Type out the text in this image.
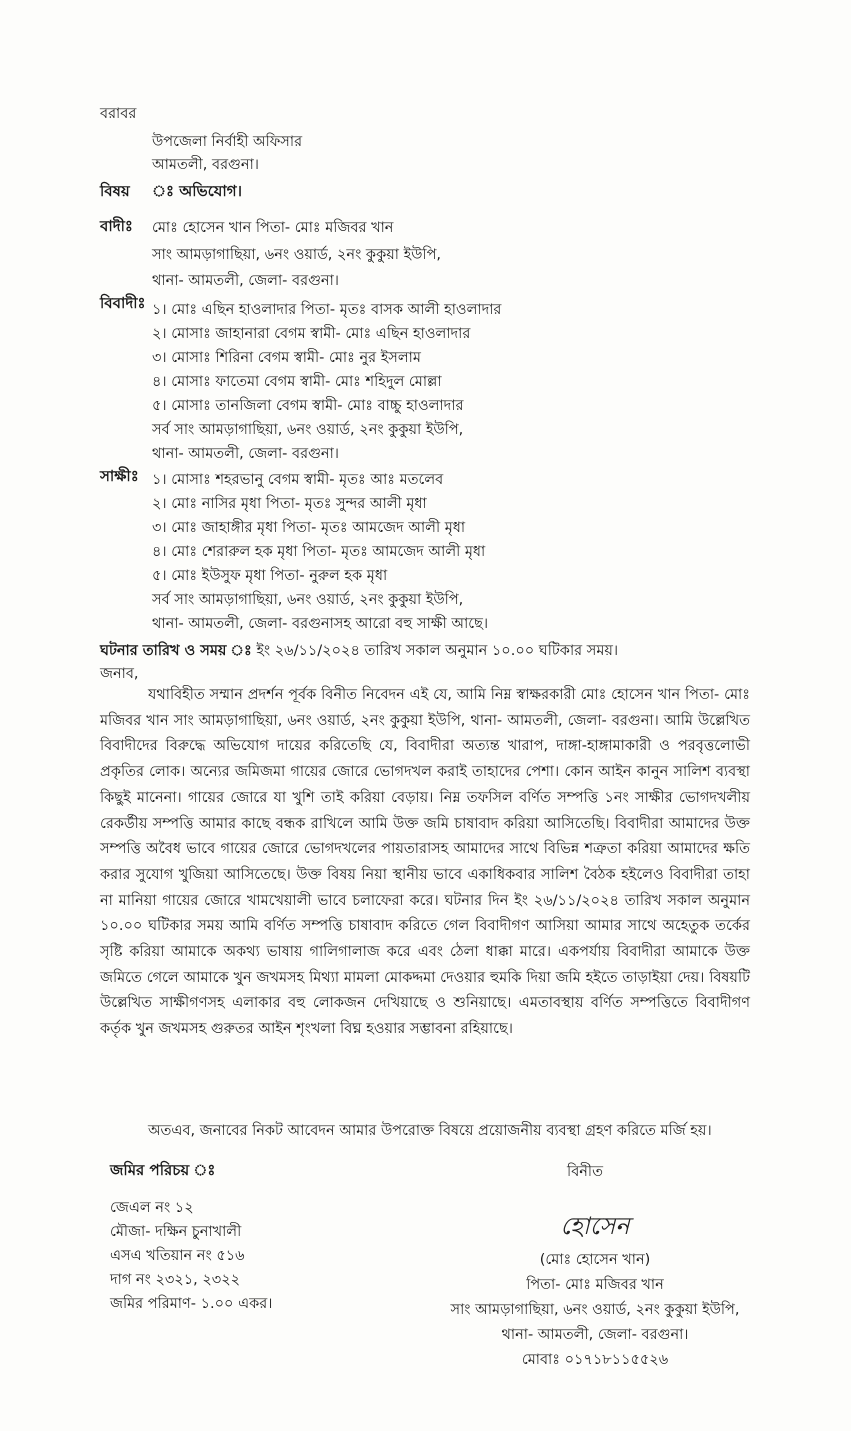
বরাবর
উপজেলা নির্বাহী অফিসার
আমতলী, বরগুনা।
বিষয় ঃ অভিযোগ।
বাদীঃ মোঃ হোসেন খান পিতা- মোঃ মজিবর খান
সাং আমড়াগাছিয়া, ৬নং ওয়ার্ড, ২নং কুকুয়া ইউপি,
থানা- আমতলী, জেলা- বরগুনা।
বিবাদীঃ ১। মোঃ এছিন হাওলাদার পিতা- মৃতঃ বাসক আলী হাওলাদার
২। মোসাঃ জাহানারা বেগম স্বামী- মোঃ এছিন হাওলাদার
৩। মোসাঃ শিরিনা বেগম স্বামী- মোঃ নুর ইসলাম
৪। মোসাঃ ফাতেমা বেগম স্বামী- মোঃ শহিদুল মোল্লা
৫। মোসাঃ তানজিলা বেগম স্বামী- মোঃ বাচ্চু হাওলাদার
সর্ব সাং আমড়াগাছিয়া, ৬নং ওয়ার্ড, ২নং কুকুয়া ইউপি,
থানা- আমতলী, জেলা- বরগুনা।
সাক্ষীঃ ১। মোসাঃ শহরভানু বেগম স্বামী- মৃতঃ আঃ মতলেব
২। মোঃ নাসির মৃধা পিতা- মৃতঃ সুন্দর আলী মৃধা
৩। মোঃ জাহাঙ্গীর মৃধা পিতা- মৃতঃ আমজেদ আলী মৃধা
৪। মোঃ শেরারুল হক মৃধা পিতা- মৃতঃ আমজেদ আলী মৃধা
৫। মোঃ ইউসুফ মৃধা পিতা- নুরুল হক মৃধা
সর্ব সাং আমড়াগাছিয়া, ৬নং ওয়ার্ড, ২নং কুকুয়া ইউপি,
থানা- আমতলী, জেলা- বরগুনাসহ আরো বহু সাক্ষী আছে।
ঘটনার তারিখ ও সময় ঃ ইং ২৬/১১/২০২৪ তারিখ সকাল অনুমান ১০.০০ ঘটিকার সময়।
জনাব,
যথাবিহীত সম্মান প্রদর্শন পূর্বক বিনীত নিবেদন এই যে, আমি নিম্ন স্বাক্ষরকারী মোঃ হোসেন খান পিতা- মোঃ মজিবর খান সাং আমড়াগাছিয়া, ৬নং ওয়ার্ড, ২নং কুকুয়া ইউপি, থানা- আমতলী, জেলা- বরগুনা। আমি উল্লেখিত বিবাদীদের বিরুদ্ধে অভিযোগ দায়ের করিতেছি যে, বিবাদীরা অত্যন্ত খারাপ, দাঙ্গা-হাঙ্গামাকারী ও পরবৃত্তলোভী প্রকৃতির লোক। অন্যের জমিজমা গায়ের জোরে ভোগদখল করাই তাহাদের পেশা। কোন আইন কানুন সালিশ ব্যবস্থা কিছুই মানেনা। গায়ের জোরে যা খুশি তাই করিয়া বেড়ায়। নিম্ন তফসিল বর্ণিত সম্পত্তি ১নং সাক্ষীর ভোগদখলীয় রেকর্ডীয় সম্পত্তি আমার কাছে বন্ধক রাখিলে আমি উক্ত জমি চাষাবাদ করিয়া আসিতেছি। বিবাদীরা আমাদের উক্ত সম্পত্তি অবৈধ ভাবে গায়ের জোরে ভোগদখলের পায়তারাসহ আমাদের সাথে বিভিন্ন শত্রুতা করিয়া আমাদের ক্ষতি করার সুযোগ খুজিয়া আসিতেছে। উক্ত বিষয় নিয়া স্থানীয় ভাবে একাধিকবার সালিশ বৈঠক হইলেও বিবাদীরা তাহা না মানিয়া গায়ের জোরে খামখেয়ালী ভাবে চলাফেরা করে। ঘটনার দিন ইং ২৬/১১/২০২৪ তারিখ সকাল অনুমান ১০.০০ ঘটিকার সময় আমি বর্ণিত সম্পত্তি চাষাবাদ করিতে গেল বিবাদীগণ আসিয়া আমার সাথে অহেতুক তর্কের সৃষ্টি করিয়া আমাকে অকথ্য ভাষায় গালিগালাজ করে এবং ঠেলা ধাক্কা মারে। একপর্যায় বিবাদীরা আমাকে উক্ত জমিতে গেলে আমাকে খুন জখমসহ মিথ্যা মামলা মোকদ্দমা দেওয়ার হুমকি দিয়া জমি হইতে তাড়াইয়া দেয়। বিষয়টি উল্লেখিত সাক্ষীগণসহ এলাকার বহু লোকজন দেখিয়াছে ও শুনিয়াছে। এমতাবস্থায় বর্ণিত সম্পত্তিতে বিবাদীগণ কর্তৃক খুন জখমসহ গুরুতর আইন শৃংখলা বিঘ্ন হওয়ার সম্ভাবনা রহিয়াছে।
অতএব, জনাবের নিকট আবেদন আমার উপরোক্ত বিষয়ে প্রয়োজনীয় ব্যবস্থা গ্রহণ করিতে মর্জি হয়।
জমির পরিচয় ঃ
জেএল নং ১২
মৌজা- দক্ষিন চুনাখালী
এসএ খতিয়ান নং ৫১৬
দাগ নং ২৩২১, ২৩২২
জমির পরিমাণ- ১.০০ একর।
বিনীত
হোসেন
(মোঃ হোসেন খান)
পিতা- মোঃ মজিবর খান
সাং আমড়াগাছিয়া, ৬নং ওয়ার্ড, ২নং কুকুয়া ইউপি,
থানা- আমতলী, জেলা- বরগুনা।
মোবাঃ ০১৭১৮১১৫৫২৬
